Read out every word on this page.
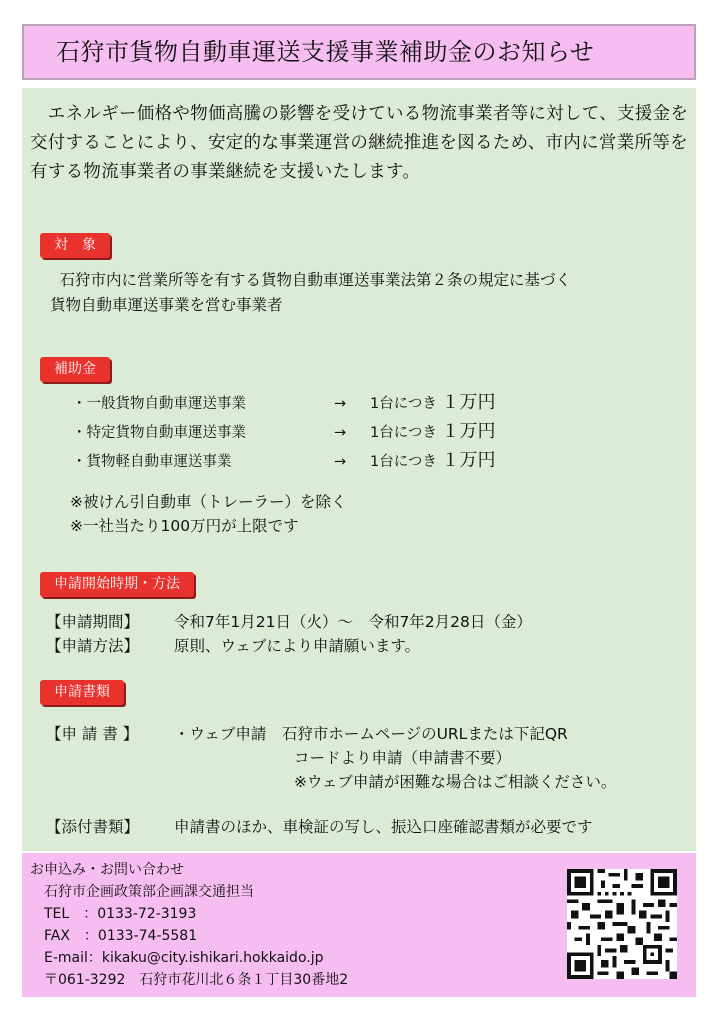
石狩市貨物自動車運送支援事業補助金のお知らせ

　エネルギー価格や物価高騰の影響を受けている物流事業者等に対して、支援金を交付することにより、安定的な事業運営の継続推進を図るため、市内に営業所等を有する物流事業者の事業継続を支援いたします。

対　象

　石狩市内に営業所等を有する貨物自動車運送事業法第２条の規定に基づく

貨物自動車運送事業を営む事業者

補助金
・一般貨物自動車運送事業	→ 1台につき １万円
・特定貨物自動車運送事業	→ 1台につき １万円
・貨物軽自動車運送事業	→ 1台につき １万円

※被けん引自動車（トレーラー）を除く

※一社当たり100万円が上限です

申請開始時期・方法

【申請期間】 令和7年1月21日（火）～　令和7年2月28日（金）

【申請方法】 原則、ウェブにより申請願います。

申請書類

【申 請 書 】 ・ウェブ申請　石狩市ホームページのURLまたは下記QR

コードより申請（申請書不要）

※ウェブ申請が困難な場合はご相談ください。

【添付書類】 申請書のほか、車検証の写し、振込口座確認書類が必要です

お申込み・お問い合わせ
石狩市企画政策部企画課交通担当
TEL　：0133-72-3193
FAX　：0133-74-5581
E-mail：kikaku@city.ishikari.hokkaido.jp
〒061-3292　石狩市花川北６条１丁目30番地2
